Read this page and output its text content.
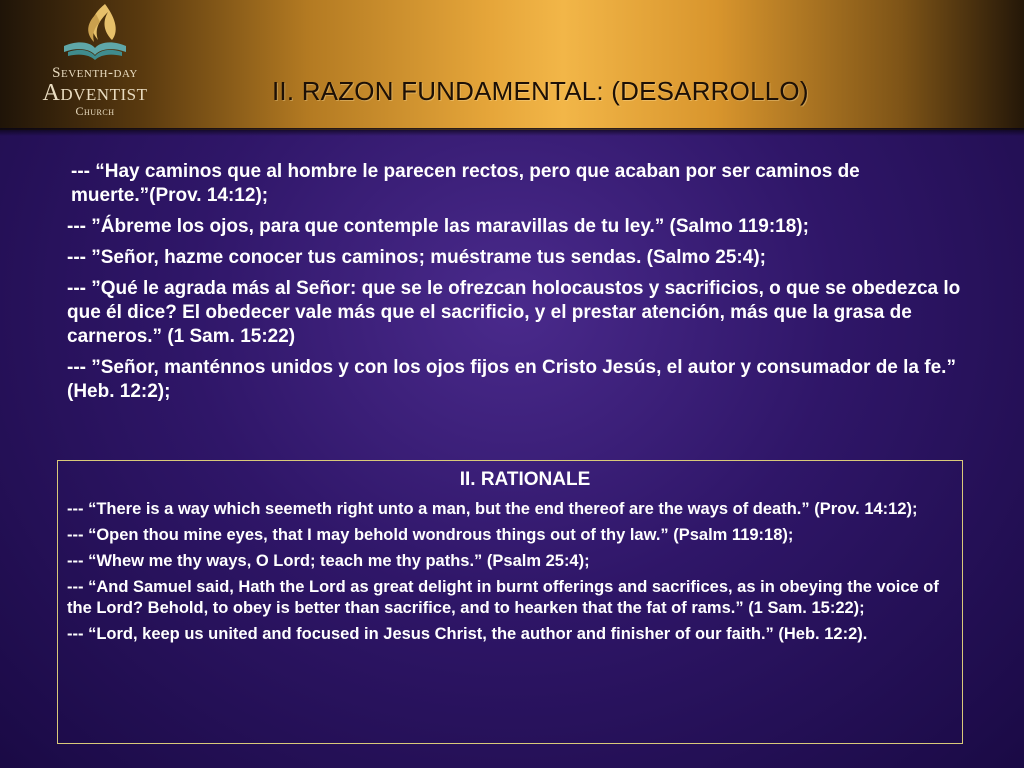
Seventh-day
Adventist
Church
II. RAZON FUNDAMENTAL: (DESARROLLO)

--- “Hay caminos que al hombre le parecen rectos, pero que acaban por ser caminos de muerte.”(Prov. 14:12);

--- ”Ábreme los ojos, para que contemple las maravillas de tu ley.” (Salmo 119:18);

--- ”Señor, hazme conocer tus caminos; muéstrame tus sendas. (Salmo 25:4);

--- ”Qué le agrada más al Señor: que se le ofrezcan holocaustos y sacrificios, o que se obedezca lo que él dice? El obedecer vale más que el sacrificio, y el prestar atención, más que la grasa de carneros.” (1 Sam. 15:22)

--- ”Señor, manténnos unidos y con los ojos fijos en Cristo Jesús, el autor y consumador de la fe.” (Heb. 12:2);

II. RATIONALE

--- “There is a way which seemeth right unto a man, but the end thereof are the ways of death.” (Prov. 14:12);

--- “Open thou mine eyes, that I may behold wondrous things out of thy law.” (Psalm 119:18);

--- “Whew me thy ways, O Lord; teach me thy paths.” (Psalm 25:4);

--- “And Samuel said, Hath the Lord as great delight in burnt offerings and sacrifices, as in obeying the voice of the Lord? Behold, to obey is better than sacrifice, and to hearken that the fat of rams.” (1 Sam. 15:22);

--- “Lord, keep us united and focused in Jesus Christ, the author and finisher of our faith.” (Heb. 12:2).
